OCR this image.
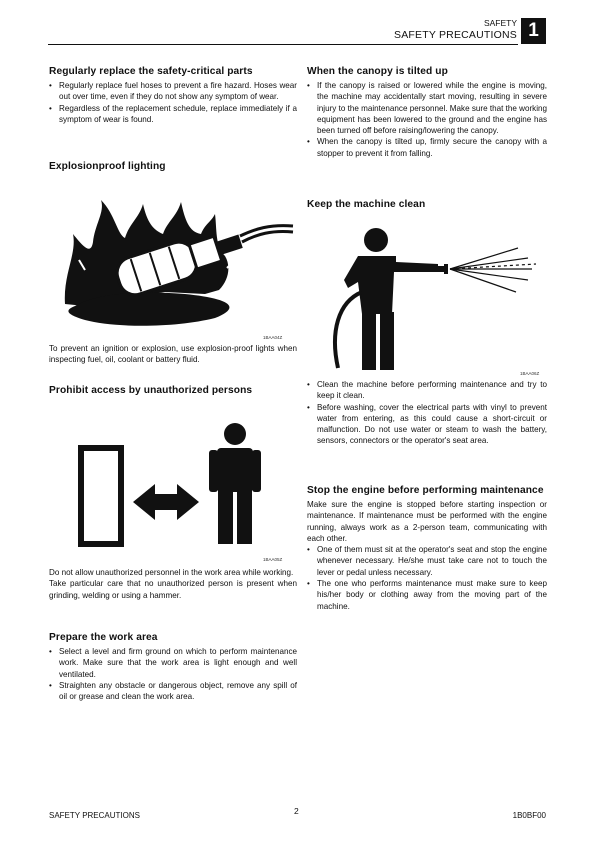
SAFETY
SAFETY PRECAUTIONS 1
Regularly replace the safety-critical parts
• Regularly replace fuel hoses to prevent a fire hazard. Hoses wear out over time, even if they do not show any symptom of wear.
• Regardless of the replacement schedule, replace immediately if a symptom of wear is found.
Explosionproof lighting
1BAA04Z

To prevent an ignition or explosion, use explosion-proof lights when inspecting fuel, oil, coolant or battery fluid.

Prohibit access by unauthorized persons
1BAA05Z

Do not allow unauthorized personnel in the work area while working.

Take particular care that no unauthorized person is present when grinding, welding or using a hammer.

Prepare the work area
• Select a level and firm ground on which to perform maintenance work. Make sure that the work area is light enough and well ventilated.
• Straighten any obstacle or dangerous object, remove any spill of oil or grease and clean the work area.
When the canopy is tilted up
• If the canopy is raised or lowered while the engine is moving, the machine may accidentally start moving, resulting in severe injury to the maintenance personnel. Make sure that the working equipment has been lowered to the ground and the engine has been turned off before raising/lowering the canopy.
• When the canopy is tilted up, firmly secure the canopy with a stopper to prevent it from falling.
Keep the machine clean
1BAA06Z
• Clean the machine before performing maintenance and try to keep it clean.
• Before washing, cover the electrical parts with vinyl to prevent water from entering, as this could cause a short-circuit or malfunction. Do not use water or steam to wash the battery, sensors, connectors or the operator's seat area.
Stop the engine before performing maintenance

Make sure the engine is stopped before starting inspection or maintenance. If maintenance must be performed with the engine running, always work as a 2-person team, communicating with each other.

• One of them must sit at the operator's seat and stop the engine whenever necessary. He/she must take care not to touch the lever or pedal unless necessary.
• The one who performs maintenance must make sure to keep his/her body or clothing away from the moving part of the machine.
SAFETY PRECAUTIONS	2	1B0BF00
